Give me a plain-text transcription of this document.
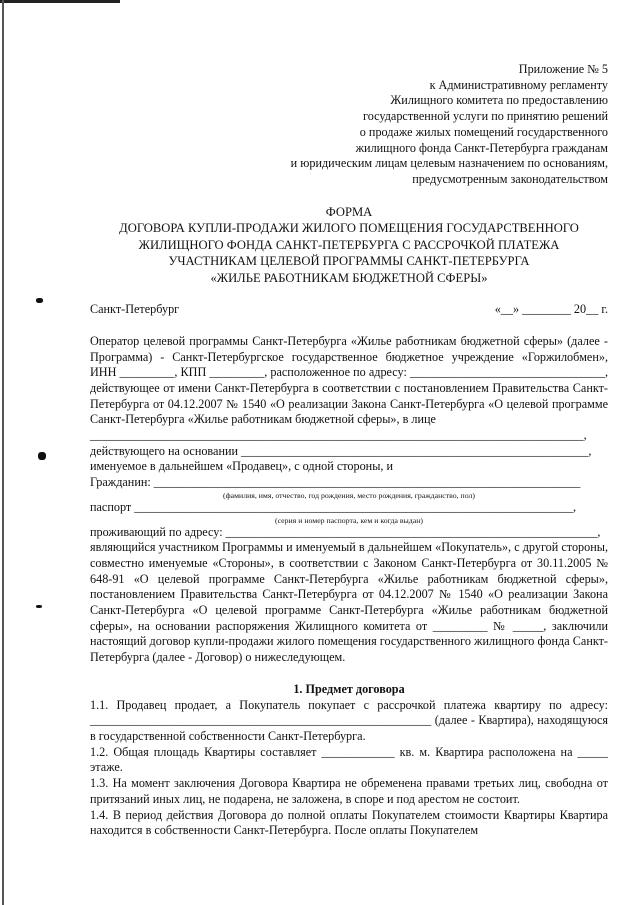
Приложение № 5

к Административному регламенту

Жилищного комитета по предоставлению

государственной услуги по принятию решений

о продаже жилых помещений государственного

жилищного фонда Санкт-Петербурга гражданам

и юридическим лицам целевым назначением по основаниям,

предусмотренным законодательством

ФОРМА

ДОГОВОРА КУПЛИ-ПРОДАЖИ ЖИЛОГО ПОМЕЩЕНИЯ ГОСУДАРСТВЕННОГО

ЖИЛИЩНОГО ФОНДА САНКТ-ПЕТЕРБУРГА С РАССРОЧКОЙ ПЛАТЕЖА

УЧАСТНИКАМ ЦЕЛЕВОЙ ПРОГРАММЫ САНКТ-ПЕТЕРБУРГА

«ЖИЛЬЕ РАБОТНИКАМ БЮДЖЕТНОЙ СФЕРЫ»

Санкт-Петербург	«__» ________ 20__ г.

Оператор целевой программы Санкт-Петербурга «Жилье работникам бюджетной сферы» (далее - Программа) - Санкт-Петербургское государственное бюджетное учреждение «Горжилобмен», ИНН _________, КПП _________, расположенное по адресу: ________________________________, действующее от имени Санкт-Петербурга в соответствии с постановлением Правительства Санкт-Петербурга от 04.12.2007 № 1540 «О реализации Закона Санкт-Петербурга «О целевой программе Санкт-Петербурга «Жилье работникам бюджетной сферы», в лице

_________________________________________________________________________________,

действующего на основании _________________________________________________________,

именуемое в дальнейшем «Продавец», с одной стороны, и

Гражданин: ______________________________________________________________________

(фамилия, имя, отчество, год рождения, место рождения, гражданство, пол)

паспорт ________________________________________________________________________,

(серия и номер паспорта, кем и когда выдан)

проживающий по адресу: _____________________________________________________________,

являющийся участником Программы и именуемый в дальнейшем «Покупатель», с другой стороны, совместно именуемые «Стороны», в соответствии с Законом Санкт-Петербурга от 30.11.2005 № 648-91 «О целевой программе Санкт-Петербурга «Жилье работникам бюджетной сферы», постановлением Правительства Санкт-Петербурга от 04.12.2007 № 1540 «О реализации Закона Санкт-Петербурга «О целевой программе Санкт-Петербурга «Жилье работникам бюджетной сферы», на основании распоряжения Жилищного комитета от _________ № _____, заключили настоящий договор купли-продажи жилого помещения государственного жилищного фонда Санкт-Петербурга (далее - Договор) о нижеследующем.

1. Предмет договора

1.1. Продавец продает, а Покупатель покупает с рассрочкой платежа квартиру по адресу: ________________________________________________________ (далее - Квартира), находящуюся в государственной собственности Санкт-Петербурга.

1.2. Общая площадь Квартиры составляет ____________ кв. м. Квартира расположена на _____ этаже.

1.3. На момент заключения Договора Квартира не обременена правами третьих лиц, свободна от притязаний иных лиц, не подарена, не заложена, в споре и под арестом не состоит.

1.4. В период действия Договора до полной оплаты Покупателем стоимости Квартиры Квартира находится в собственности Санкт-Петербурга. После оплаты Покупателем
